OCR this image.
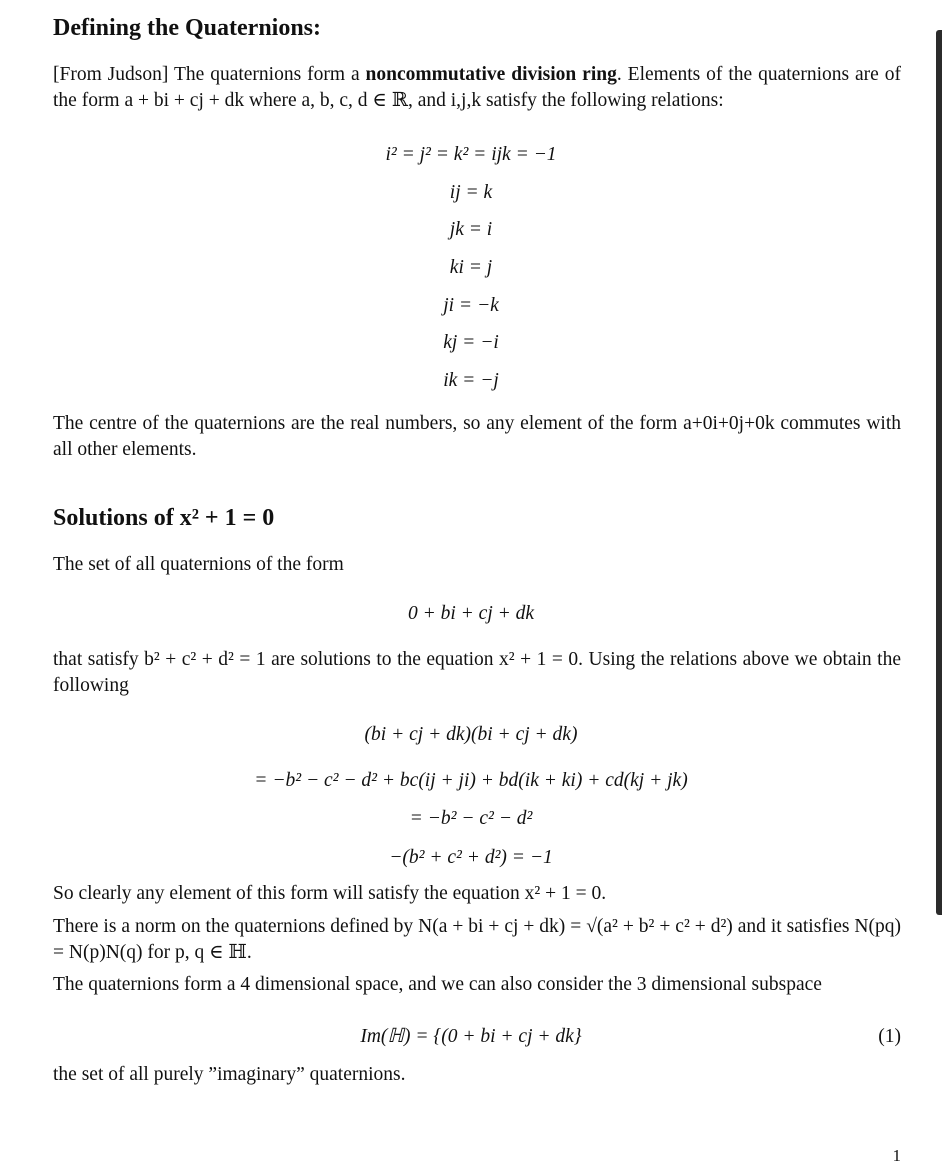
Defining the Quaternions:

[From Judson] The quaternions form a noncommutative division ring. Elements of the quaternions are of the form a + bi + cj + dk where a, b, c, d ∈ ℝ, and i,j,k satisfy the following relations:

i² = j² = k² = ijk = −1
ij = k
jk = i
ki = j
ji = −k
kj = −i
ik = −j

The centre of the quaternions are the real numbers, so any element of the form a+0i+0j+0k commutes with all other elements.

Solutions of x² + 1 = 0

The set of all quaternions of the form

0 + bi + cj + dk

that satisfy b² + c² + d² = 1 are solutions to the equation x² + 1 = 0. Using the relations above we obtain the following

(bi + cj + dk)(bi + cj + dk)
= −b² − c² − d² + bc(ij + ji) + bd(ik + ki) + cd(kj + jk)
= −b² − c² − d²
−(b² + c² + d²) = −1

So clearly any element of this form will satisfy the equation x² + 1 = 0.

There is a norm on the quaternions defined by N(a + bi + cj + dk) = √(a² + b² + c² + d²) and it satisfies N(pq) = N(p)N(q) for p, q ∈ ℍ.

The quaternions form a 4 dimensional space, and we can also consider the 3 dimensional subspace

Im(ℍ) = {(0 + bi + cj + dk}	(1)

the set of all purely ”imaginary” quaternions.

1
